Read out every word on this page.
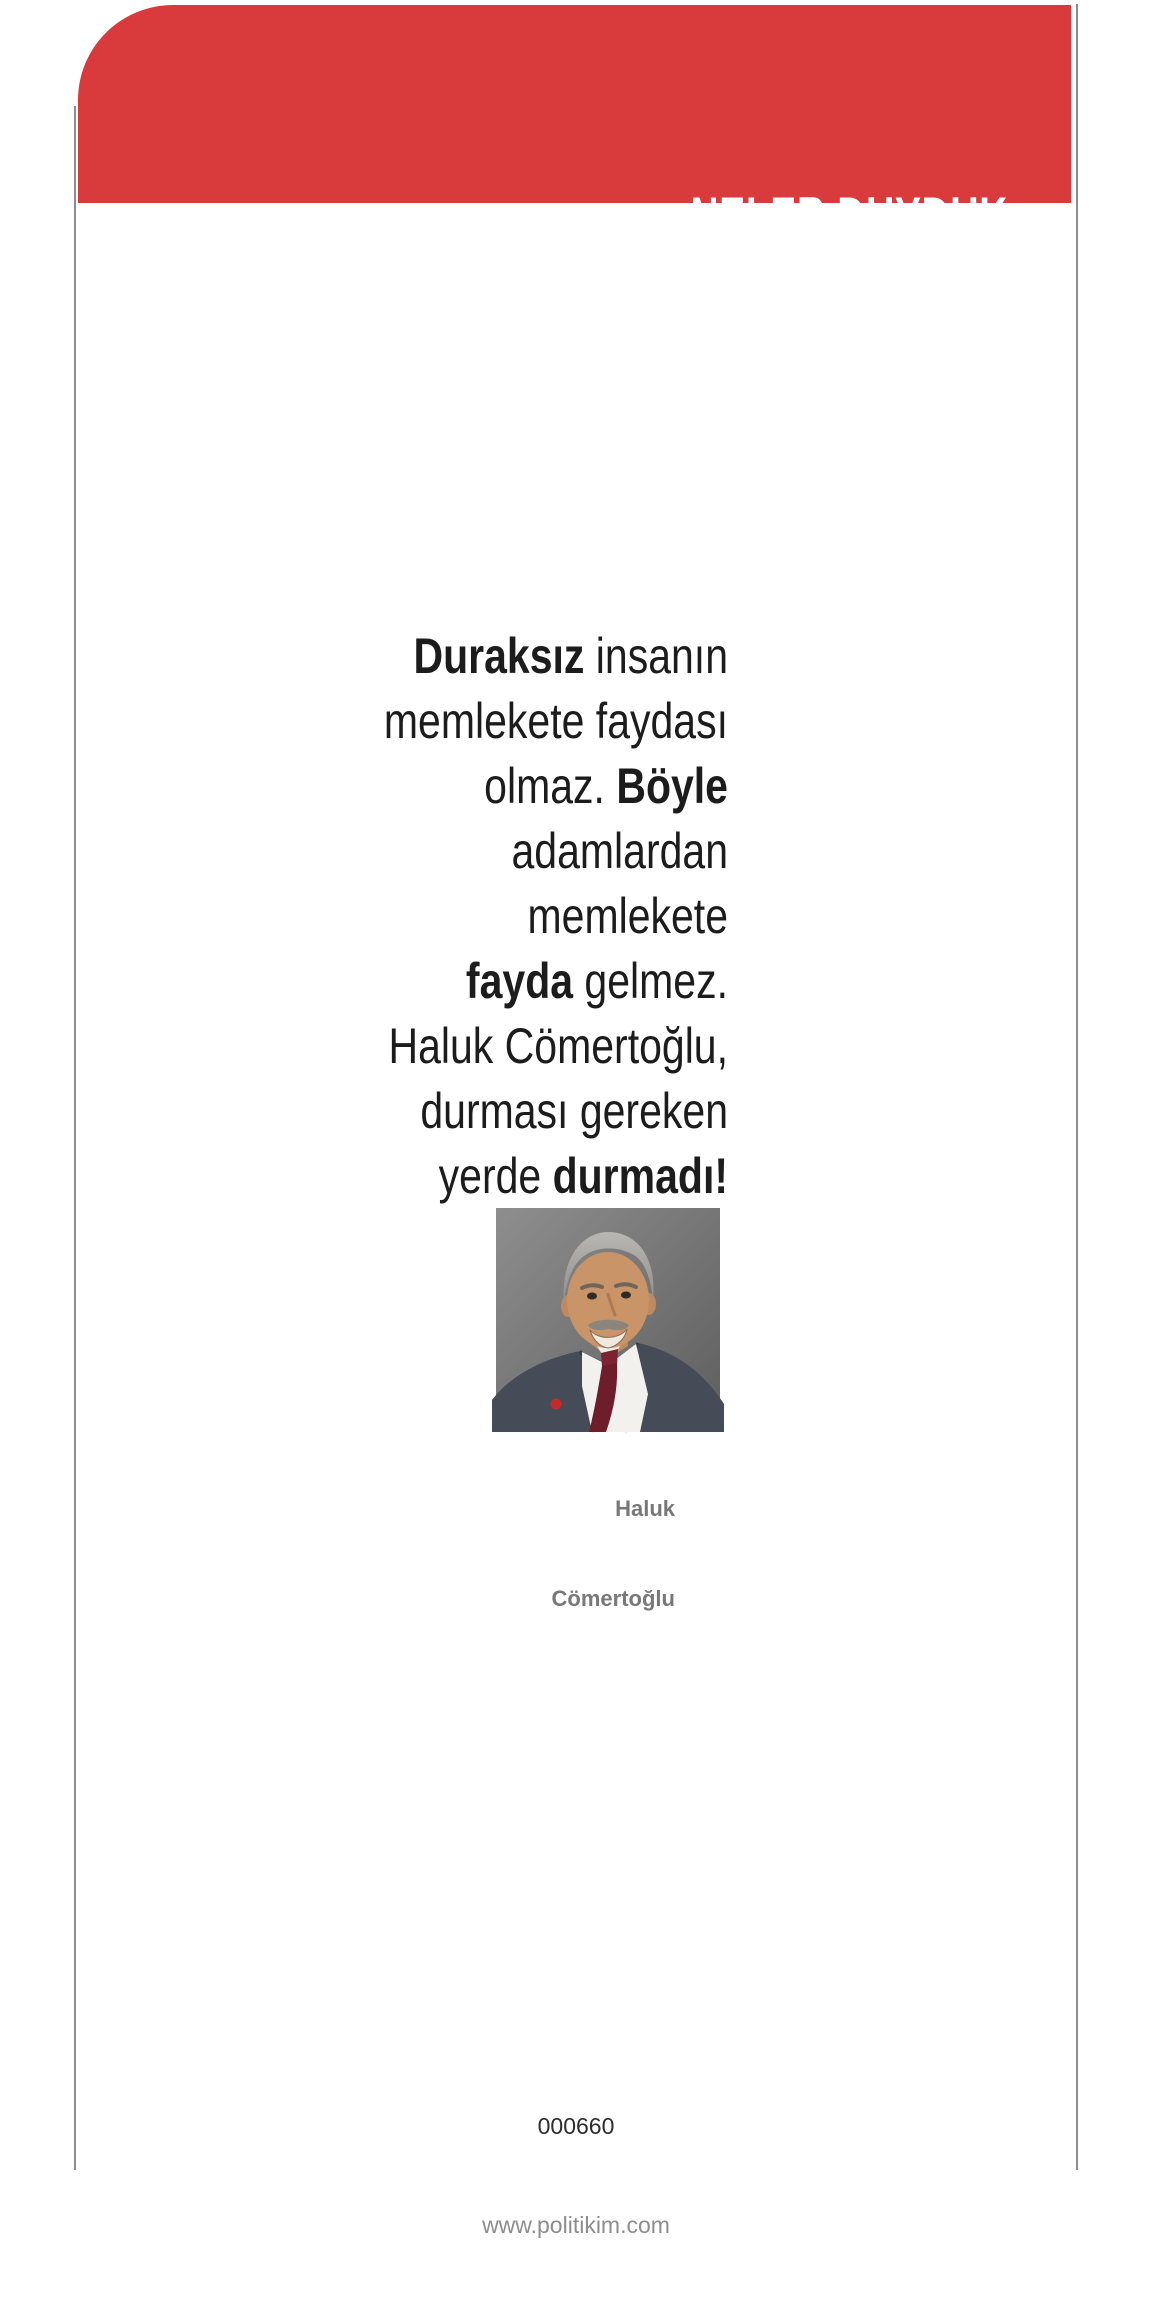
NELER DUYDUK

NELER!

Duraksız insanın
memlekete faydası
olmaz. Böyle
adamlardan
memlekete
fayda gelmez.
Haluk Cömertoğlu,
durması gereken
yerde durmadı!

Haluk

Cömertoğlu

000660

www.politikim.com
